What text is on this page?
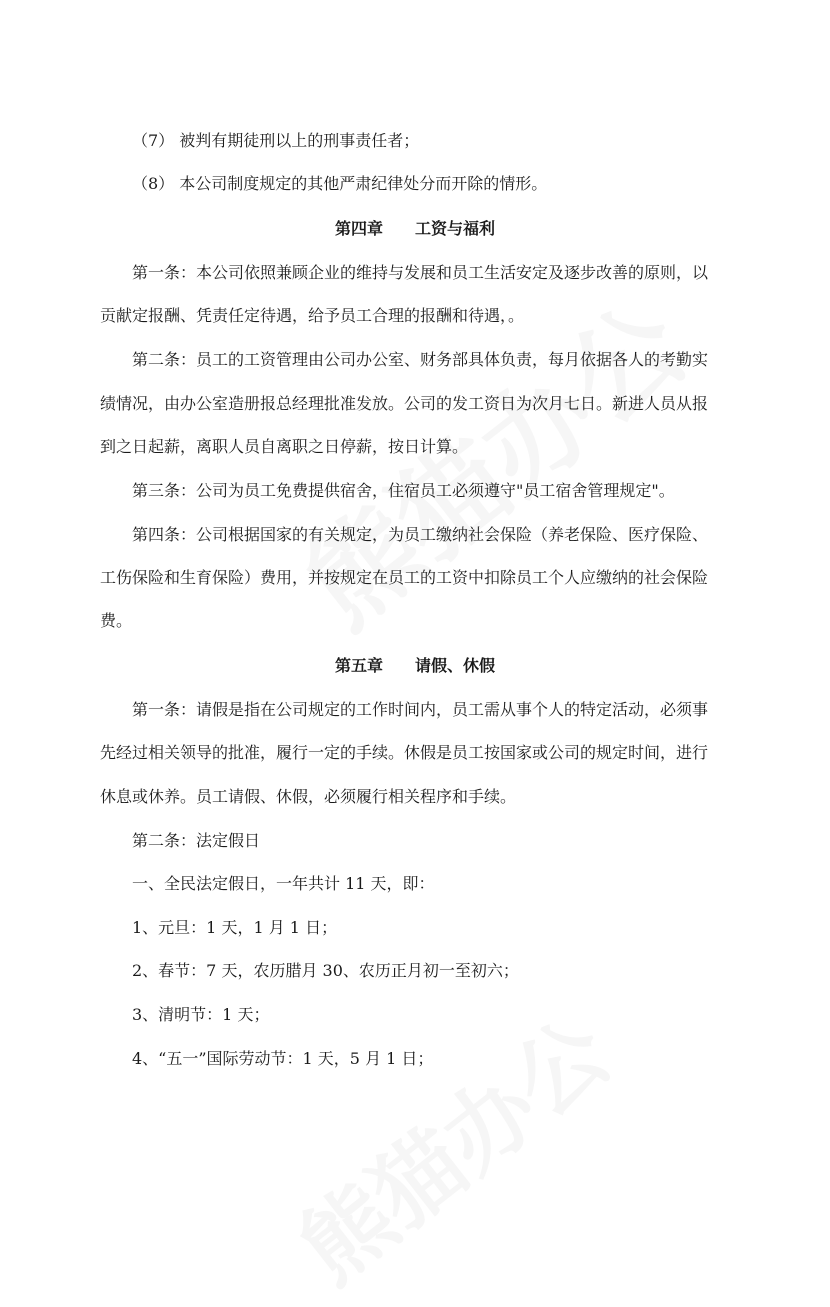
（7） 被判有期徒刑以上的刑事责任者；
（8） 本公司制度规定的其他严肃纪律处分而开除的情形。
第四章　　工资与福利
第一条：本公司依照兼顾企业的维持与发展和员工生活安定及逐步改善的原则，以
贡献定报酬、凭责任定待遇，给予员工合理的报酬和待遇，。
第二条：员工的工资管理由公司办公室、财务部具体负责，每月依据各人的考勤实
绩情况，由办公室造册报总经理批准发放。公司的发工资日为次月七日。新进人员从报
到之日起薪，离职人员自离职之日停薪，按日计算。
第三条：公司为员工免费提供宿舍，住宿员工必须遵守"员工宿舍管理规定"。
第四条：公司根据国家的有关规定，为员工缴纳社会保险（养老保险、医疗保险、
工伤保险和生育保险）费用，并按规定在员工的工资中扣除员工个人应缴纳的社会保险
费。
第五章　　请假、休假
第一条：请假是指在公司规定的工作时间内，员工需从事个人的特定活动，必须事
先经过相关领导的批准，履行一定的手续。休假是员工按国家或公司的规定时间，进行
休息或休养。员工请假、休假，必须履行相关程序和手续。
第二条：法定假日
一、全民法定假日，一年共计 11 天，即：
1、元旦：1 天，1 月 1 日；
2、春节：7 天，农历腊月 30、农历正月初一至初六；
3、清明节：1 天；
4、“五一”国际劳动节：1 天，5 月 1 日；
